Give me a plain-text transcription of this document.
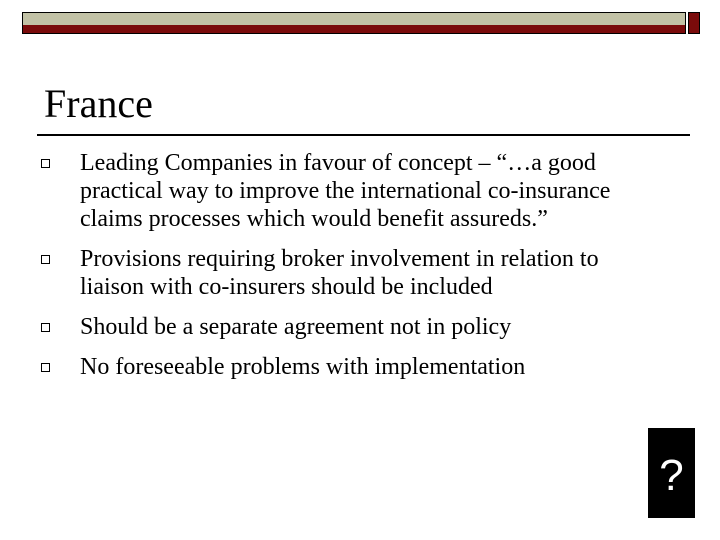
France
Leading Companies in favour of concept – “…a good practical way to improve the international co-insurance claims processes which would benefit assureds.”
Provisions requiring broker involvement in relation to liaison with co-insurers should be included
Should be a separate agreement not in policy
No foreseeable problems with implementation
?
